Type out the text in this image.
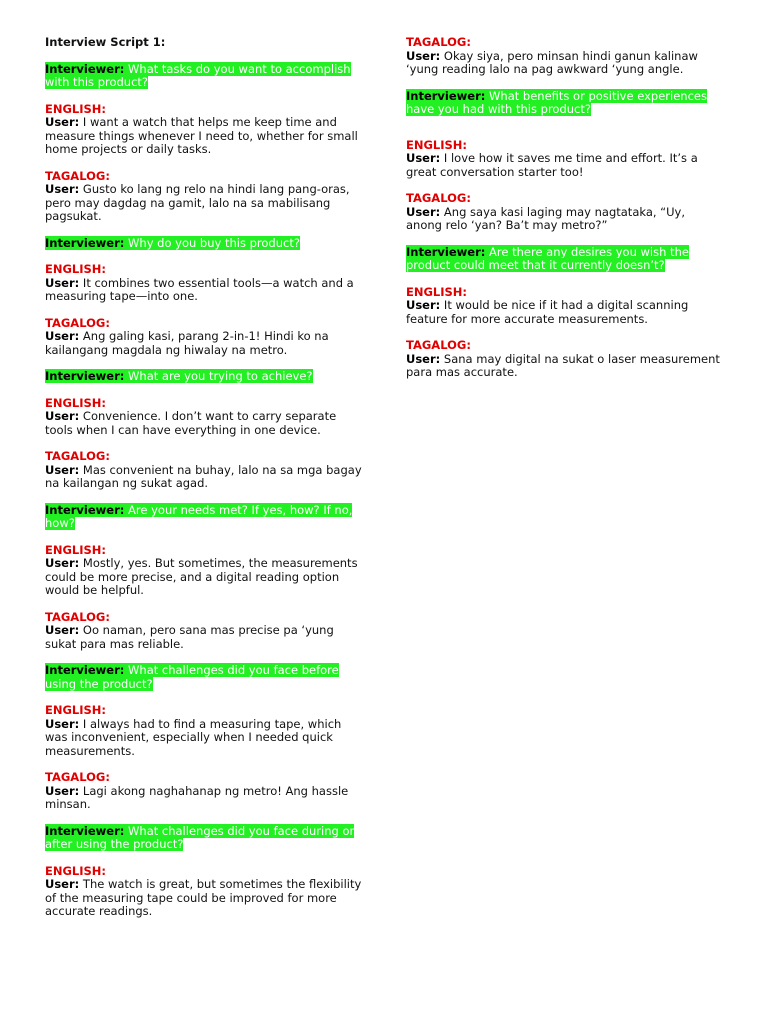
Interview Script 1:
Interviewer: What tasks do you want to accomplish with this product?
ENGLISH:
User: I want a watch that helps me keep time and measure things whenever I need to, whether for small home projects or daily tasks.
TAGALOG:
User: Gusto ko lang ng relo na hindi lang pang-oras, pero may dagdag na gamit, lalo na sa mabilisang pagsukat.
Interviewer: Why do you buy this product?
ENGLISH:
User: It combines two essential tools—a watch and a measuring tape—into one.
TAGALOG:
User: Ang galing kasi, parang 2-in-1! Hindi ko na kailangang magdala ng hiwalay na metro.
Interviewer: What are you trying to achieve?
ENGLISH:
User: Convenience. I don’t want to carry separate tools when I can have everything in one device.
TAGALOG:
User: Mas convenient na buhay, lalo na sa mga bagay na kailangan ng sukat agad.
Interviewer: Are your needs met? If yes, how? If no, how?
ENGLISH:
User: Mostly, yes. But sometimes, the measurements could be more precise, and a digital reading option would be helpful.
TAGALOG:
User: Oo naman, pero sana mas precise pa ‘yung sukat para mas reliable.
Interviewer: What challenges did you face before using the product?
ENGLISH:
User: I always had to find a measuring tape, which was inconvenient, especially when I needed quick measurements.
TAGALOG:
User: Lagi akong naghahanap ng metro! Ang hassle minsan.
Interviewer: What challenges did you face during or after using the product?
ENGLISH:
User: The watch is great, but sometimes the flexibility of the measuring tape could be improved for more accurate readings.
TAGALOG:
User: Okay siya, pero minsan hindi ganun kalinaw ‘yung reading lalo na pag awkward ‘yung angle.
Interviewer: What benefits or positive experiences have you had with this product?
ENGLISH:
User: I love how it saves me time and effort. It’s a great conversation starter too!
TAGALOG:
User: Ang saya kasi laging may nagtataka, “Uy, anong relo ‘yan? Ba’t may metro?”
Interviewer: Are there any desires you wish the product could meet that it currently doesn’t?
ENGLISH:
User: It would be nice if it had a digital scanning feature for more accurate measurements.
TAGALOG:
User: Sana may digital na sukat o laser measurement para mas accurate.
